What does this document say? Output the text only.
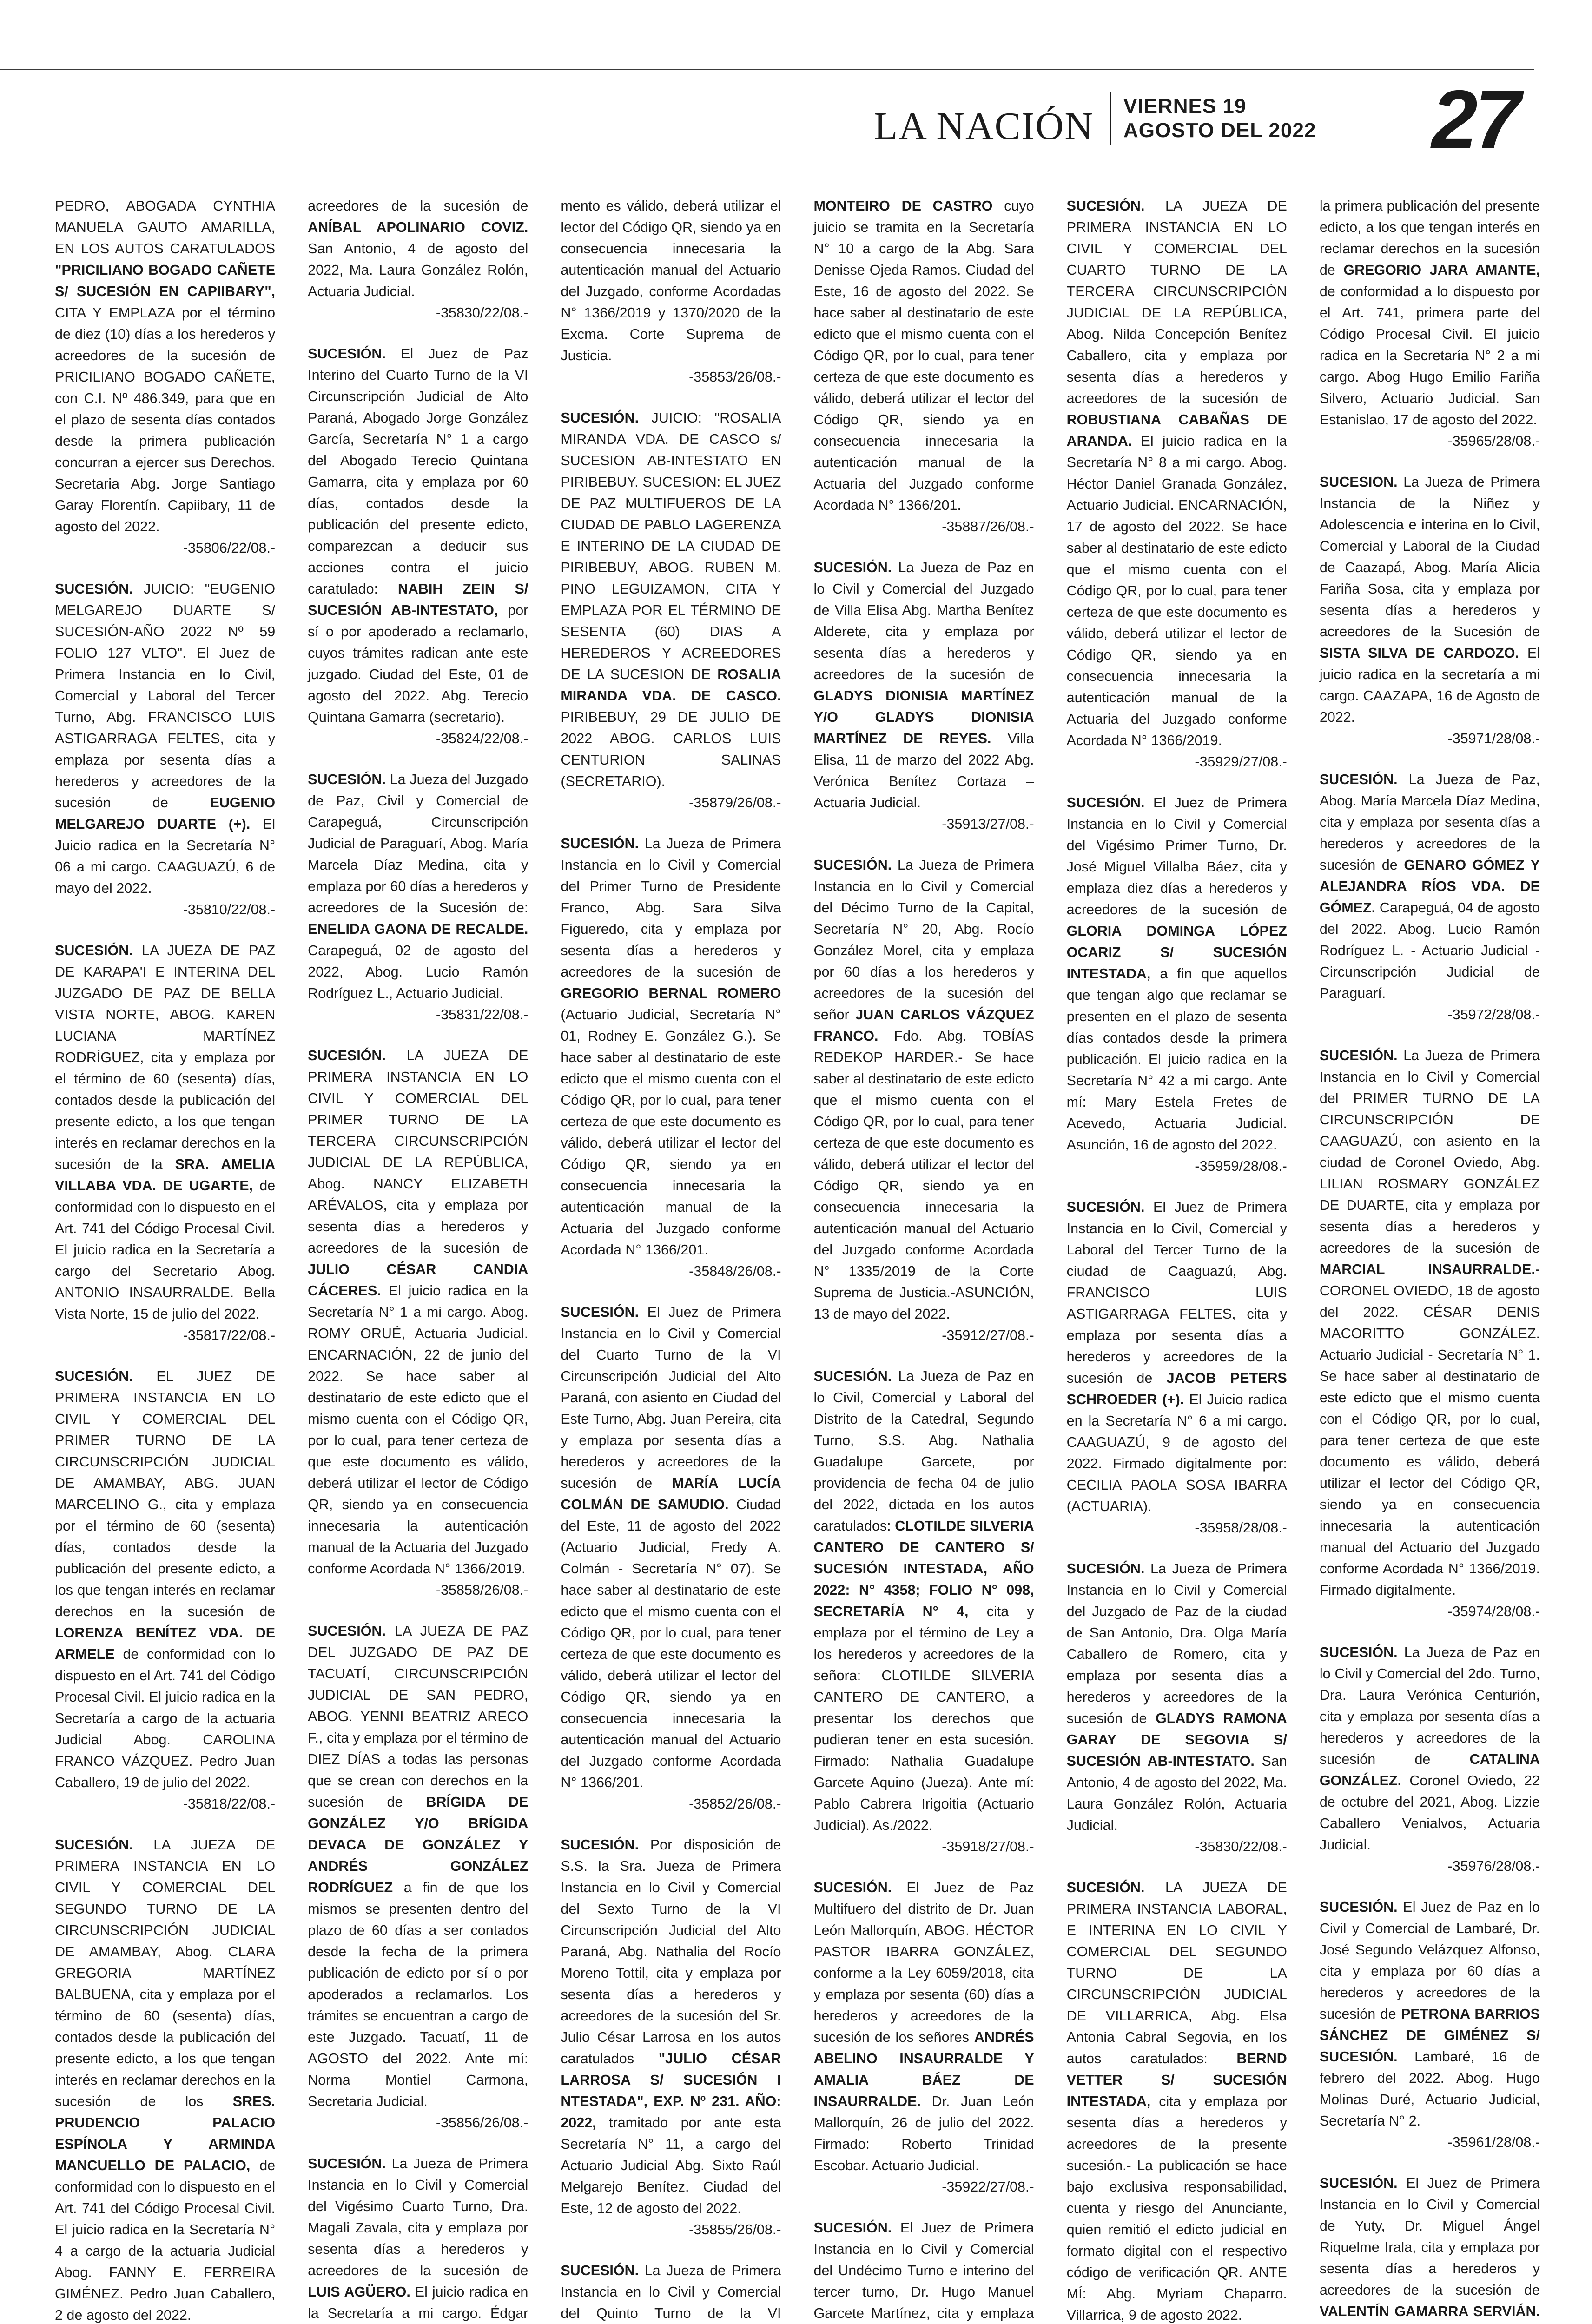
LA NACIÓN VIERNES 19
AGOSTO DEL 2022 27
PEDRO, ABOGADA CYNTHIA MANUELA GAUTO AMARILLA, EN LOS AUTOS CARATULADOS "PRICILIANO BOGADO CAÑETE S/ SUCESIÓN EN CAPIIBARY", CITA Y EMPLAZA por el término de diez (10) días a los herederos y acreedores de la sucesión de PRICILIANO BOGADO CAÑETE, con C.I. Nº 486.349, para que en el plazo de sesenta días contados desde la primera publicación concurran a ejercer sus Derechos. Secretaria Abg. Jorge Santiago Garay Florentín. Capiibary, 11 de agosto del 2022.
-35806/22/08.-
SUCESIÓN. JUICIO: "EUGENIO MELGAREJO DUARTE S/ SUCESIÓN-AÑO 2022 Nº 59 FOLIO 127 VLTO". El Juez de Primera Instancia en lo Civil, Comercial y Laboral del Tercer Turno, Abg. FRANCISCO LUIS ASTIGARRAGA FELTES, cita y emplaza por sesenta días a herederos y acreedores de la sucesión de	EUGENIO MELGAREJO DUARTE (+). El Juicio radica en la Secretaría N° 06 a mi cargo. CAAGUAZÚ, 6 de mayo del 2022.
-35810/22/08.-
SUCESIÓN. LA JUEZA DE PAZ DE KARAPA'I E INTERINA DEL JUZGADO DE PAZ DE BELLA VISTA NORTE, ABOG. KAREN LUCIANA MARTÍNEZ RODRÍGUEZ, cita y emplaza por el término de 60 (sesenta) días, contados desde la publicación del presente edicto, a los que tengan interés en reclamar derechos en la sucesión de la SRA. AMELIA VILLABA VDA. DE UGARTE, de conformidad con lo dispuesto en el Art. 741 del Código Procesal Civil. El juicio radica en la Secretaría a cargo del Secretario Abog. ANTONIO INSAURRALDE. Bella Vista Norte, 15 de julio del 2022.
-35817/22/08.-
SUCESIÓN. EL JUEZ DE PRIMERA INSTANCIA EN LO CIVIL Y COMERCIAL DEL PRIMER TURNO DE LA CIRCUNSCRIPCIÓN JUDICIAL DE AMAMBAY, ABG. JUAN MARCELINO G., cita y emplaza por el término de 60 (sesenta) días, contados desde la publicación del presente edicto, a los que tengan interés en reclamar derechos en la sucesión de LORENZA BENÍTEZ VDA. DE ARMELE de conformidad con lo dispuesto en el Art. 741 del Código Procesal Civil. El juicio radica en la Secretaría a cargo de la actuaria Judicial Abog. CAROLINA FRANCO VÁZQUEZ. Pedro Juan Caballero, 19 de julio del 2022.
-35818/22/08.-
SUCESIÓN. LA JUEZA DE PRIMERA INSTANCIA EN LO CIVIL Y COMERCIAL DEL SEGUNDO TURNO DE LA CIRCUNSCRIPCIÓN JUDICIAL DE AMAMBAY, Abog. CLARA GREGORIA MARTÍNEZ BALBUENA, cita y emplaza por el término de 60 (sesenta) días, contados desde la publicación del presente edicto, a los que tengan interés en reclamar derechos en la sucesión de los SRES. PRUDENCIO PALACIO ESPÍNOLA Y ARMINDA MANCUELLO DE PALACIO, de conformidad con lo dispuesto en el Art. 741 del Código Procesal Civil. El juicio radica en la Secretaría N° 4 a cargo de la actuaria Judicial Abog. FANNY E. FERREIRA GIMÉNEZ. Pedro Juan Caballero, 2 de agosto del 2022.
acreedores de la sucesión de ANÍBAL APOLINARIO COVIZ. San Antonio, 4 de agosto del 2022, Ma. Laura González Rolón, Actuaria Judicial.
-35830/22/08.-
SUCESIÓN. El Juez de Paz Interino del Cuarto Turno de la VI Circunscripción Judicial de Alto Paraná, Abogado Jorge González García, Secretaría N° 1 a cargo del Abogado Terecio Quintana Gamarra, cita y emplaza por 60 días, contados desde la publicación del presente edicto, comparezcan a deducir sus acciones contra el juicio caratulado: NABIH ZEIN S/ SUCESIÓN AB-INTESTATO, por sí o por apoderado a reclamarlo, cuyos trámites radican ante este juzgado. Ciudad del Este, 01 de agosto del 2022. Abg. Terecio Quintana Gamarra (secretario).
-35824/22/08.-
SUCESIÓN. La Jueza del Juzgado de Paz, Civil y Comercial de Carapeguá, Circunscripción Judicial de Paraguarí, Abog. María Marcela Díaz Medina, cita y emplaza por 60 días a herederos y acreedores de la Sucesión de: ENELIDA GAONA DE RECALDE. Carapeguá, 02 de agosto del 2022, Abog. Lucio Ramón Rodríguez L., Actuario Judicial.
-35831/22/08.-
SUCESIÓN. LA JUEZA DE PRIMERA INSTANCIA EN LO CIVIL Y COMERCIAL DEL PRIMER TURNO DE LA TERCERA CIRCUNSCRIPCIÓN JUDICIAL DE LA REPÚBLICA, Abog. NANCY ELIZABETH ARÉVALOS, cita y emplaza por sesenta días a herederos y acreedores de la sucesión de JULIO CÉSAR CANDIA CÁCERES. El juicio radica en la Secretaría N° 1 a mi cargo. Abog. ROMY ORUÉ, Actuaria Judicial. ENCARNACIÓN, 22 de junio del 2022. Se hace saber al destinatario de este edicto que el mismo cuenta con el Código QR, por lo cual, para tener certeza de que este documento es válido, deberá utilizar el lector de Código QR, siendo ya en consecuencia innecesaria la autenticación manual de la Actuaria del Juzgado conforme Acordada N° 1366/2019.
-35858/26/08.-
SUCESIÓN. LA JUEZA DE PAZ DEL JUZGADO DE PAZ DE TACUATÍ, CIRCUNSCRIPCIÓN JUDICIAL DE SAN PEDRO, ABOG. YENNI BEATRIZ ARECO F., cita y emplaza por el término de DIEZ DÍAS a todas las personas que se crean con derechos en la sucesión de BRÍGIDA DE GONZÁLEZ Y/O BRÍGIDA DEVACA DE GONZÁLEZ Y ANDRÉS GONZÁLEZ RODRÍGUEZ a fin de que los mismos se presenten dentro del plazo de 60 días a ser contados desde la fecha de la primera publicación de edicto por sí o por apoderados a reclamarlos. Los trámites se encuentran a cargo de este Juzgado. Tacuatí, 11 de AGOSTO del 2022. Ante mí: Norma Montiel Carmona, Secretaria Judicial.
-35856/26/08.-
SUCESIÓN. La Jueza de Primera Instancia en lo Civil y Comercial del Vigésimo Cuarto Turno, Dra. Magali Zavala, cita y emplaza por sesenta días a herederos y acreedores de la sucesión de LUIS AGÜERO. El juicio radica en la Secretaría a mi cargo. Édgar
mento es válido, deberá utilizar el lector del Código QR, siendo ya en consecuencia innecesaria la autenticación manual del Actuario del Juzgado, conforme Acordadas N° 1366/2019 y 1370/2020 de la Excma. Corte Suprema de Justicia.
-35853/26/08.-
SUCESIÓN. JUICIO: "ROSALIA MIRANDA VDA. DE CASCO s/ SUCESION AB-INTESTATO EN PIRIBEBUY. SUCESION: EL JUEZ DE PAZ MULTIFUEROS DE LA CIUDAD DE PABLO LAGERENZA E INTERINO DE LA CIUDAD DE PIRIBEBUY, ABOG. RUBEN M. PINO LEGUIZAMON, CITA Y EMPLAZA POR EL TÉRMINO DE SESENTA (60) DIAS A HEREDEROS Y ACREEDORES DE LA SUCESION DE ROSALIA MIRANDA VDA. DE CASCO. PIRIBEBUY, 29 DE JULIO DE 2022 ABOG. CARLOS LUIS CENTURION SALINAS (SECRETARIO).
-35879/26/08.-
SUCESIÓN. La Jueza de Primera Instancia en lo Civil y Comercial del Primer Turno de Presidente Franco, Abg. Sara Silva Figueredo, cita y emplaza por sesenta días a herederos y acreedores de la sucesión de GREGORIO BERNAL ROMERO (Actuario Judicial, Secretaría N° 01, Rodney E. González G.). Se hace saber al destinatario de este edicto que el mismo cuenta con el Código QR, por lo cual, para tener certeza de que este documento es válido, deberá utilizar el lector del Código QR, siendo ya en consecuencia innecesaria la autenticación manual de la Actuaria del Juzgado conforme Acordada N° 1366/201.
-35848/26/08.-
SUCESIÓN. El Juez de Primera Instancia en lo Civil y Comercial del Cuarto Turno de la VI Circunscripción Judicial del Alto Paraná, con asiento en Ciudad del Este Turno, Abg. Juan Pereira, cita y emplaza por sesenta días a herederos y acreedores de la sucesión de MARÍA LUCÍA COLMÁN DE SAMUDIO. Ciudad del Este, 11 de agosto del 2022 (Actuario Judicial, Fredy A. Colmán - Secretaría N° 07). Se hace saber al destinatario de este edicto que el mismo cuenta con el Código QR, por lo cual, para tener certeza de que este documento es válido, deberá utilizar el lector del Código QR, siendo ya en consecuencia innecesaria la autenticación manual del Actuario del Juzgado conforme Acordada N° 1366/201.
-35852/26/08.-
SUCESIÓN. Por disposición de S.S. la Sra. Jueza de Primera Instancia en lo Civil y Comercial del Sexto Turno de la VI Circunscripción Judicial del Alto Paraná, Abg. Nathalia del Rocío Moreno Tottil, cita y emplaza por sesenta días a herederos y acreedores de la sucesión del Sr. Julio César Larrosa en los autos caratulados "JULIO CÉSAR LARROSA S/ SUCESIÓN I NTESTADA", EXP. Nº 231. AÑO: 2022, tramitado por ante esta Secretaría N° 11, a cargo del Actuario Judicial Abg. Sixto Raúl Melgarejo Benítez. Ciudad del Este, 12 de agosto del 2022.
-35855/26/08.-
SUCESIÓN. La Jueza de Primera Instancia en lo Civil y Comercial del Quinto Turno de la VI
MONTEIRO DE CASTRO cuyo juicio se tramita en la Secretaría N° 10 a cargo de la Abg. Sara Denisse Ojeda Ramos. Ciudad del Este, 16 de agosto del 2022. Se hace saber al destinatario de este edicto que el mismo cuenta con el Código QR, por lo cual, para tener certeza de que este documento es válido, deberá utilizar el lector del Código QR, siendo ya en consecuencia innecesaria la autenticación manual de la Actuaria del Juzgado conforme Acordada N° 1366/201.
-35887/26/08.-
SUCESIÓN. La Jueza de Paz en lo Civil y Comercial del Juzgado de Villa Elisa Abg. Martha Benítez Alderete, cita y emplaza por sesenta días a herederos y acreedores de la sucesión de GLADYS DIONISIA MARTÍNEZ Y/O GLADYS DIONISIA MARTÍNEZ DE REYES. Villa Elisa, 11 de marzo del 2022 Abg. Verónica Benítez Cortaza – Actuaria Judicial.
-35913/27/08.-
SUCESIÓN. La Jueza de Primera Instancia en lo Civil y Comercial del Décimo Turno de la Capital, Secretaría N° 20, Abg. Rocío González Morel, cita y emplaza por 60 días a los herederos y acreedores de la sucesión del señor JUAN CARLOS VÁZQUEZ FRANCO. Fdo. Abg. TOBÍAS REDEKOP HARDER.- Se hace saber al destinatario de este edicto que el mismo cuenta con el Código QR, por lo cual, para tener certeza de que este documento es válido, deberá utilizar el lector del Código QR, siendo ya en consecuencia innecesaria la autenticación manual del Actuario del Juzgado conforme Acordada N° 1335/2019 de la Corte Suprema de Justicia.-ASUNCIÓN, 13 de mayo del 2022.
-35912/27/08.-
SUCESIÓN. La Jueza de Paz en lo Civil, Comercial y Laboral del Distrito de la Catedral, Segundo Turno, S.S. Abg. Nathalia Guadalupe Garcete, por providencia de fecha 04 de julio del 2022, dictada en los autos caratulados: CLOTILDE SILVERIA CANTERO DE CANTERO S/ SUCESIÓN INTESTADA, AÑO 2022: N° 4358; FOLIO N° 098, SECRETARÍA N° 4, cita y emplaza por el término de Ley a los herederos y acreedores de la señora: CLOTILDE SILVERIA CANTERO DE CANTERO, a presentar los derechos que pudieran tener en esta sucesión. Firmado: Nathalia Guadalupe Garcete Aquino (Jueza). Ante mí: Pablo Cabrera Irigoitia (Actuario Judicial). As./2022.
-35918/27/08.-
SUCESIÓN. El Juez de Paz Multifuero del distrito de Dr. Juan León Mallorquín, ABOG. HÉCTOR PASTOR IBARRA GONZÁLEZ, conforme a la Ley 6059/2018, cita y emplaza por sesenta (60) días a herederos y acreedores de la sucesión de los señores ANDRÉS ABELINO INSAURRALDE Y AMALIA BÁEZ DE INSAURRALDE. Dr. Juan León Mallorquín, 26 de julio del 2022. Firmado: Roberto Trinidad Escobar. Actuario Judicial.
-35922/27/08.-
SUCESIÓN. El Juez de Primera Instancia en lo Civil y Comercial del Undécimo Turno e interino del tercer turno, Dr. Hugo Manuel Garcete Martínez, cita y emplaza
SUCESIÓN. LA JUEZA DE PRIMERA INSTANCIA EN LO CIVIL Y COMERCIAL DEL CUARTO TURNO DE LA TERCERA CIRCUNSCRIPCIÓN JUDICIAL DE LA REPÚBLICA, Abog. Nilda Concepción Benítez Caballero, cita y emplaza por sesenta días a herederos y acreedores de la sucesión de ROBUSTIANA CABAÑAS DE ARANDA. El juicio radica en la Secretaría N° 8 a mi cargo. Abog. Héctor Daniel Granada González, Actuario Judicial. ENCARNACIÓN, 17 de agosto del 2022. Se hace saber al destinatario de este edicto que el mismo cuenta con el Código QR, por lo cual, para tener certeza de que este documento es válido, deberá utilizar el lector de Código QR, siendo ya en consecuencia innecesaria la autenticación manual de la Actuaria del Juzgado conforme Acordada N° 1366/2019.
-35929/27/08.-
SUCESIÓN. El Juez de Primera Instancia en lo Civil y Comercial del Vigésimo Primer Turno, Dr. José Miguel Villalba Báez, cita y emplaza diez días a herederos y acreedores de la sucesión de GLORIA DOMINGA LÓPEZ OCARIZ S/ SUCESIÓN INTESTADA, a fin que aquellos que tengan algo que reclamar se presenten en el plazo de sesenta días contados desde la primera publicación. El juicio radica en la Secretaría N° 42 a mi cargo. Ante mí: Mary Estela Fretes de Acevedo, Actuaria Judicial. Asunción, 16 de agosto del 2022.
-35959/28/08.-
SUCESIÓN. El Juez de Primera Instancia en lo Civil, Comercial y Laboral del Tercer Turno de la ciudad de Caaguazú, Abg. FRANCISCO LUIS ASTIGARRAGA FELTES, cita y emplaza por sesenta días a herederos y acreedores de la sucesión de JACOB PETERS SCHROEDER (+). El Juicio radica en la Secretaría N° 6 a mi cargo. CAAGUAZÚ, 9 de agosto del 2022. Firmado digitalmente por: CECILIA PAOLA SOSA IBARRA (ACTUARIA).
-35958/28/08.-
SUCESIÓN. La Jueza de Primera Instancia en lo Civil y Comercial del Juzgado de Paz de la ciudad de San Antonio, Dra. Olga María Caballero de Romero, cita y emplaza por sesenta días a herederos y acreedores de la sucesión de GLADYS RAMONA GARAY DE SEGOVIA S/ SUCESIÓN AB-INTESTATO. San Antonio, 4 de agosto del 2022, Ma. Laura González Rolón, Actuaria Judicial.
-35830/22/08.-
SUCESIÓN. LA JUEZA DE PRIMERA INSTANCIA LABORAL, E INTERINA EN LO CIVIL Y COMERCIAL DEL SEGUNDO TURNO DE LA CIRCUNSCRIPCIÓN JUDICIAL DE VILLARRICA, Abg. Elsa Antonia Cabral Segovia, en los autos caratulados: BERND VETTER S/ SUCESIÓN INTESTADA, cita y emplaza por sesenta días a herederos y acreedores de la presente sucesión.- La publicación se hace bajo exclusiva responsabilidad, cuenta y riesgo del Anunciante, quien remitió el edicto judicial en formato digital con el respectivo código de verificación QR. ANTE MÍ: Abg. Myriam Chaparro. Villarrica, 9 de agosto 2022.
la primera publicación del presente edicto, a los que tengan interés en reclamar derechos en la sucesión de GREGORIO JARA AMANTE, de conformidad a lo dispuesto por el Art. 741, primera parte del Código Procesal Civil. El juicio radica en la Secretaría N° 2 a mi cargo. Abog Hugo Emilio Fariña Silvero, Actuario Judicial. San Estanislao, 17 de agosto del 2022.
-35965/28/08.-
SUCESION. La Jueza de Primera Instancia de la Niñez y Adolescencia e interina en lo Civil, Comercial y Laboral de la Ciudad de Caazapá, Abog. María Alicia Fariña Sosa, cita y emplaza por sesenta días a herederos y acreedores de la Sucesión de SISTA SILVA DE CARDOZO. El juicio radica en la secretaría a mi cargo. CAAZAPA, 16 de Agosto de 2022.
-35971/28/08.-
SUCESIÓN. La Jueza de Paz, Abog. María Marcela Díaz Medina, cita y emplaza por sesenta días a herederos y acreedores de la sucesión de GENARO GÓMEZ Y ALEJANDRA RÍOS VDA. DE GÓMEZ. Carapeguá, 04 de agosto del 2022. Abog. Lucio Ramón Rodríguez L. - Actuario Judicial - Circunscripción Judicial de Paraguarí.
-35972/28/08.-
SUCESIÓN. La Jueza de Primera Instancia en lo Civil y Comercial del PRIMER TURNO DE LA CIRCUNSCRIPCIÓN DE CAAGUAZÚ, con asiento en la ciudad de Coronel Oviedo, Abg. LILIAN ROSMARY GONZÁLEZ DE DUARTE, cita y emplaza por sesenta días a herederos y acreedores de la sucesión de MARCIAL INSAURRALDE.- CORONEL OVIEDO, 18 de agosto del 2022. CÉSAR DENIS MACORITTO GONZÁLEZ. Actuario Judicial - Secretaría N° 1. Se hace saber al destinatario de este edicto que el mismo cuenta con el Código QR, por lo cual, para tener certeza de que este documento es válido, deberá utilizar el lector del Código QR, siendo ya en consecuencia innecesaria la autenticación manual del Actuario del Juzgado conforme Acordada N° 1366/2019. Firmado digitalmente.
-35974/28/08.-
SUCESIÓN. La Jueza de Paz en lo Civil y Comercial del 2do. Turno, Dra. Laura Verónica Centurión, cita y emplaza por sesenta días a herederos y acreedores de la sucesión de	CATALINA GONZÁLEZ. Coronel Oviedo, 22 de octubre del 2021, Abog. Lizzie Caballero Venialvos, Actuaria Judicial.
-35976/28/08.-
SUCESIÓN. El Juez de Paz en lo Civil y Comercial de Lambaré, Dr. José Segundo Velázquez Alfonso, cita y emplaza por 60 días a herederos y acreedores de la sucesión de PETRONA BARRIOS SÁNCHEZ DE GIMÉNEZ S/ SUCESIÓN. Lambaré, 16 de febrero del 2022. Abog. Hugo Molinas Duré, Actuario Judicial, Secretaría N° 2.
-35961/28/08.-
SUCESIÓN. El Juez de Primera Instancia en lo Civil y Comercial de Yuty, Dr. Miguel Ángel Riquelme Irala, cita y emplaza por sesenta días a herederos y acreedores de la sucesión de VALENTÍN GAMARRA SERVIÁN.
